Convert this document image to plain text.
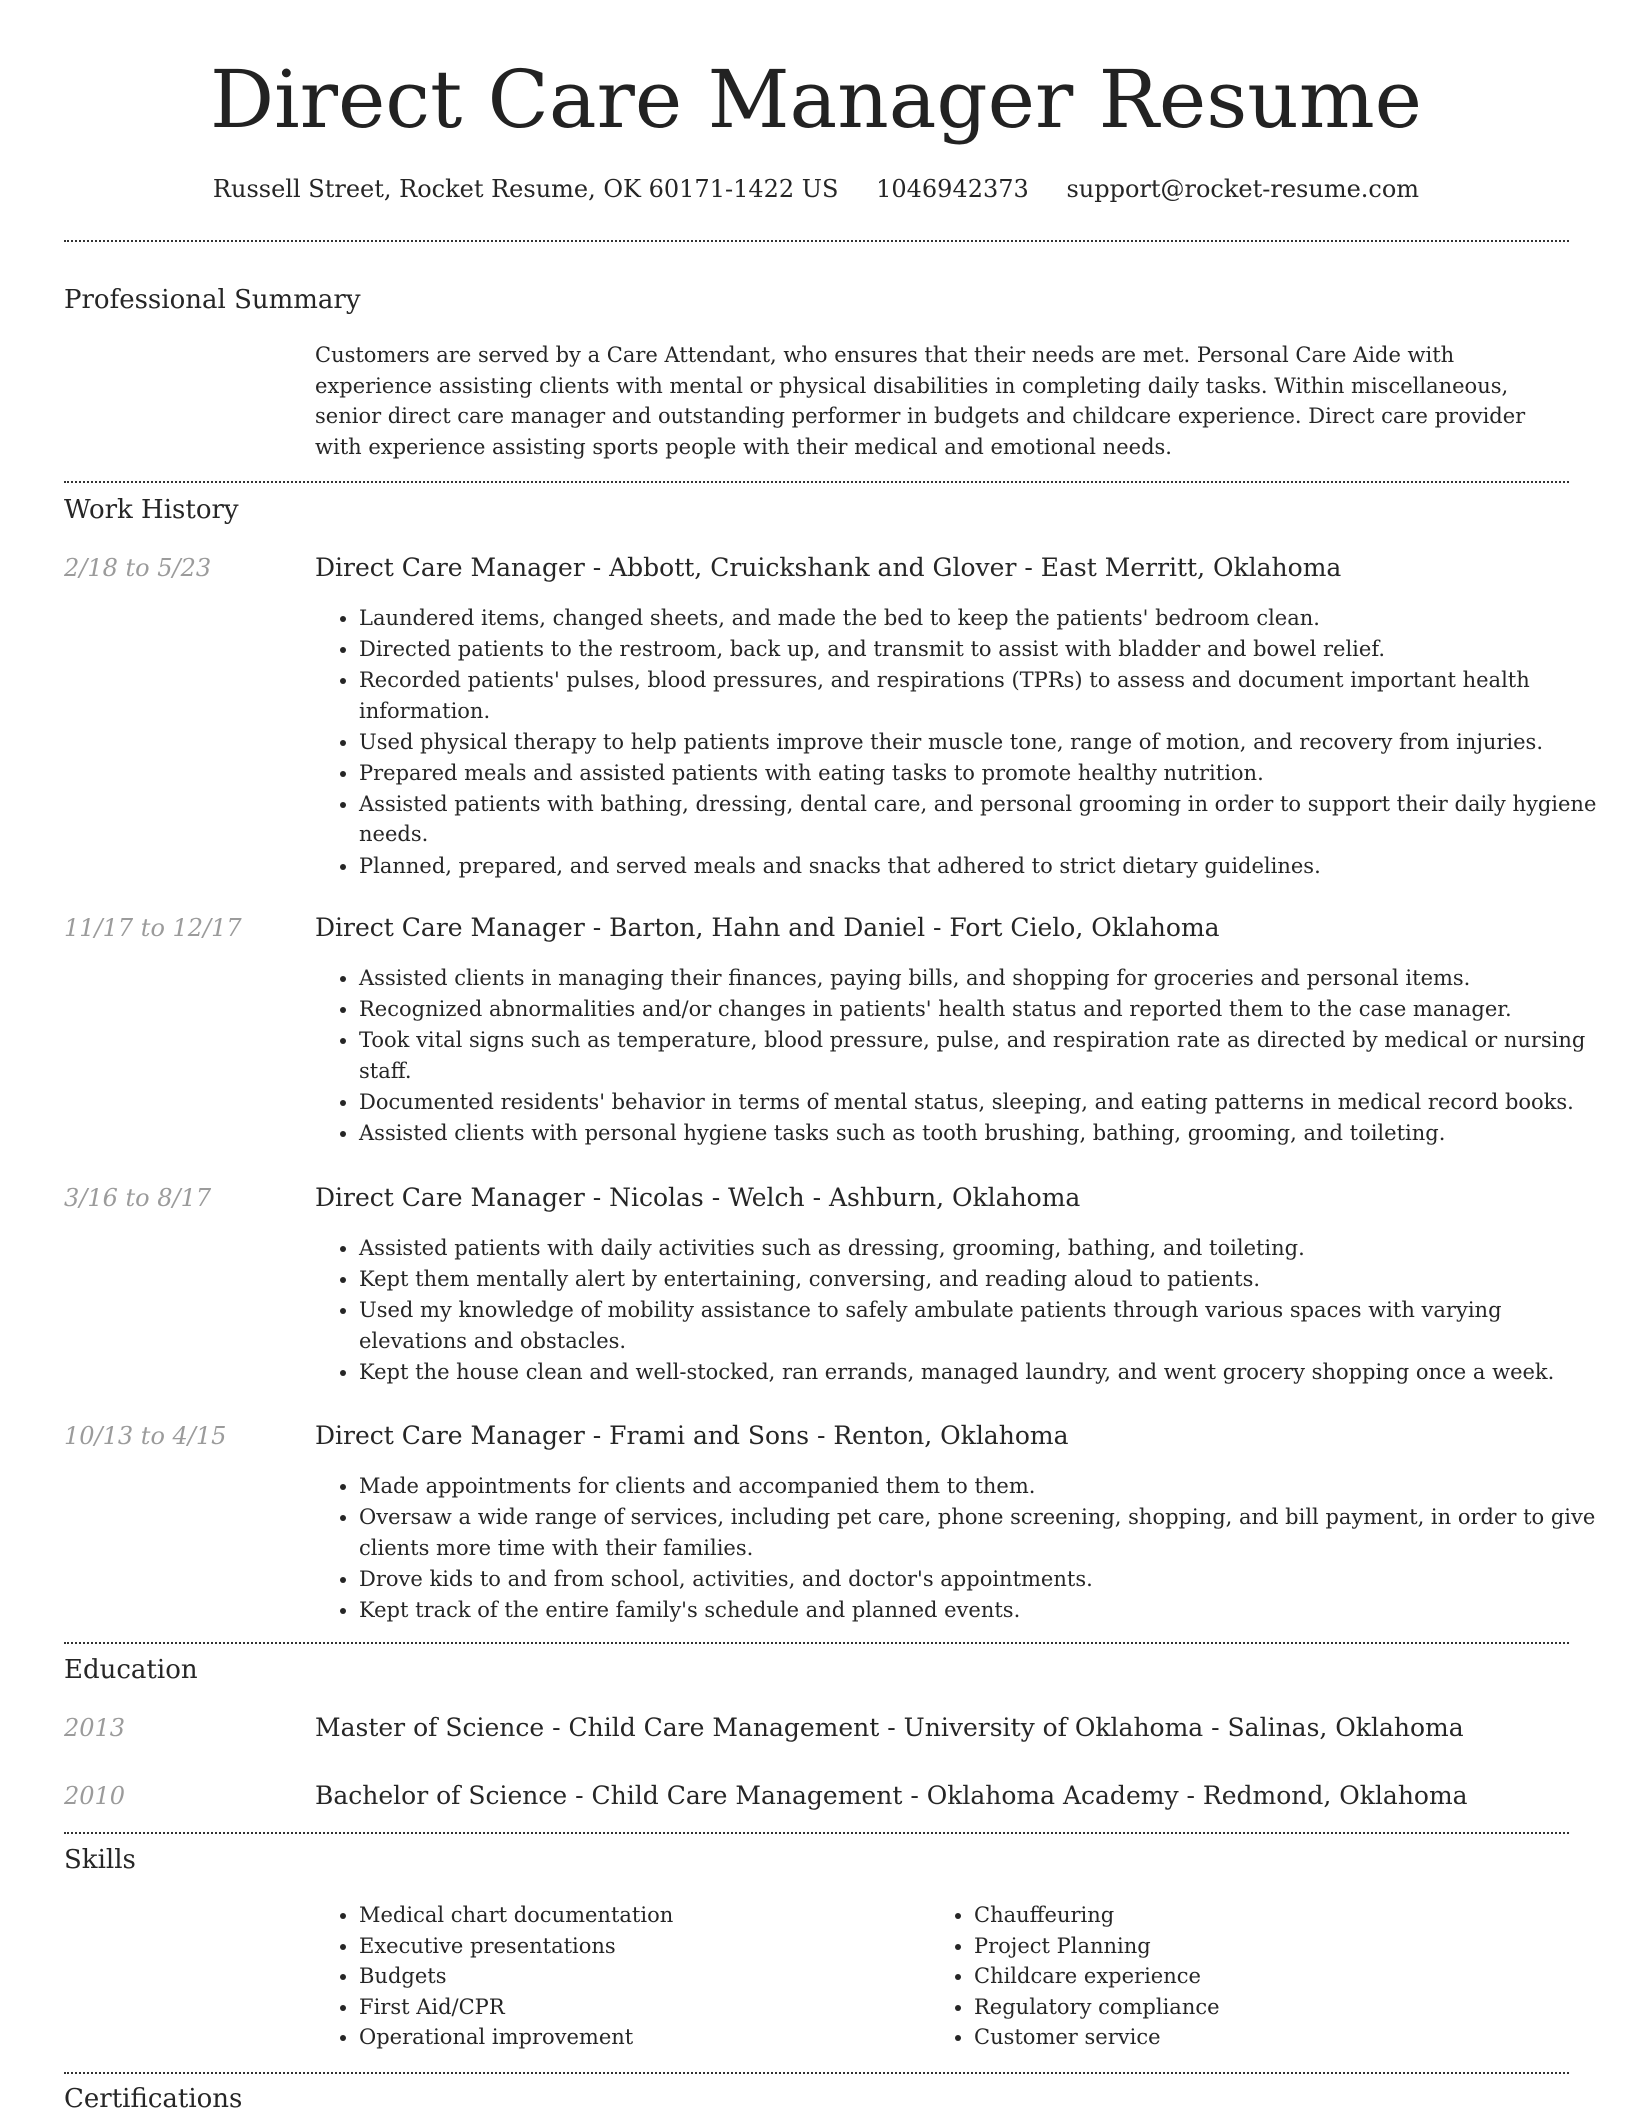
Direct Care Manager Resume
Russell Street, Rocket Resume, OK 60171-1422 US 1046942373 support@rocket-resume.com
Professional Summary

Customers are served by a Care Attendant, who ensures that their needs are met. Personal Care Aide with experience assisting clients with mental or physical disabilities in completing daily tasks. Within miscellaneous, senior direct care manager and outstanding performer in budgets and childcare experience. Direct care provider with experience assisting sports people with their medical and emotional needs.

Work History
2/18 to 5/23	Direct Care Manager - Abbott, Cruickshank and Glover - East Merritt, Oklahoma
• Laundered items, changed sheets, and made the bed to keep the patients' bedroom clean.
• Directed patients to the restroom, back up, and transmit to assist with bladder and bowel relief.
• Recorded patients' pulses, blood pressures, and respirations (TPRs) to assess and document important health information.
• Used physical therapy to help patients improve their muscle tone, range of motion, and recovery from injuries.
• Prepared meals and assisted patients with eating tasks to promote healthy nutrition.
• Assisted patients with bathing, dressing, dental care, and personal grooming in order to support their daily hygiene needs.
• Planned, prepared, and served meals and snacks that adhered to strict dietary guidelines.
11/17 to 12/17	Direct Care Manager - Barton, Hahn and Daniel - Fort Cielo, Oklahoma
• Assisted clients in managing their finances, paying bills, and shopping for groceries and personal items.
• Recognized abnormalities and/or changes in patients' health status and reported them to the case manager.
• Took vital signs such as temperature, blood pressure, pulse, and respiration rate as directed by medical or nursing staff.
• Documented residents' behavior in terms of mental status, sleeping, and eating patterns in medical record books.
• Assisted clients with personal hygiene tasks such as tooth brushing, bathing, grooming, and toileting.
3/16 to 8/17	Direct Care Manager - Nicolas - Welch - Ashburn, Oklahoma
• Assisted patients with daily activities such as dressing, grooming, bathing, and toileting.
• Kept them mentally alert by entertaining, conversing, and reading aloud to patients.
• Used my knowledge of mobility assistance to safely ambulate patients through various spaces with varying elevations and obstacles.
• Kept the house clean and well-stocked, ran errands, managed laundry, and went grocery shopping once a week.
10/13 to 4/15	Direct Care Manager - Frami and Sons - Renton, Oklahoma
• Made appointments for clients and accompanied them to them.
• Oversaw a wide range of services, including pet care, phone screening, shopping, and bill payment, in order to give clients more time with their families.
• Drove kids to and from school, activities, and doctor's appointments.
• Kept track of the entire family's schedule and planned events.
Education
2013	Master of Science - Child Care Management - University of Oklahoma - Salinas, Oklahoma
2010	Bachelor of Science - Child Care Management - Oklahoma Academy - Redmond, Oklahoma
Skills
• Medical chart documentation
• Executive presentations
• Budgets
• First Aid/CPR
• Operational improvement
• Chauffeuring
• Project Planning
• Childcare experience
• Regulatory compliance
• Customer service
Certifications
